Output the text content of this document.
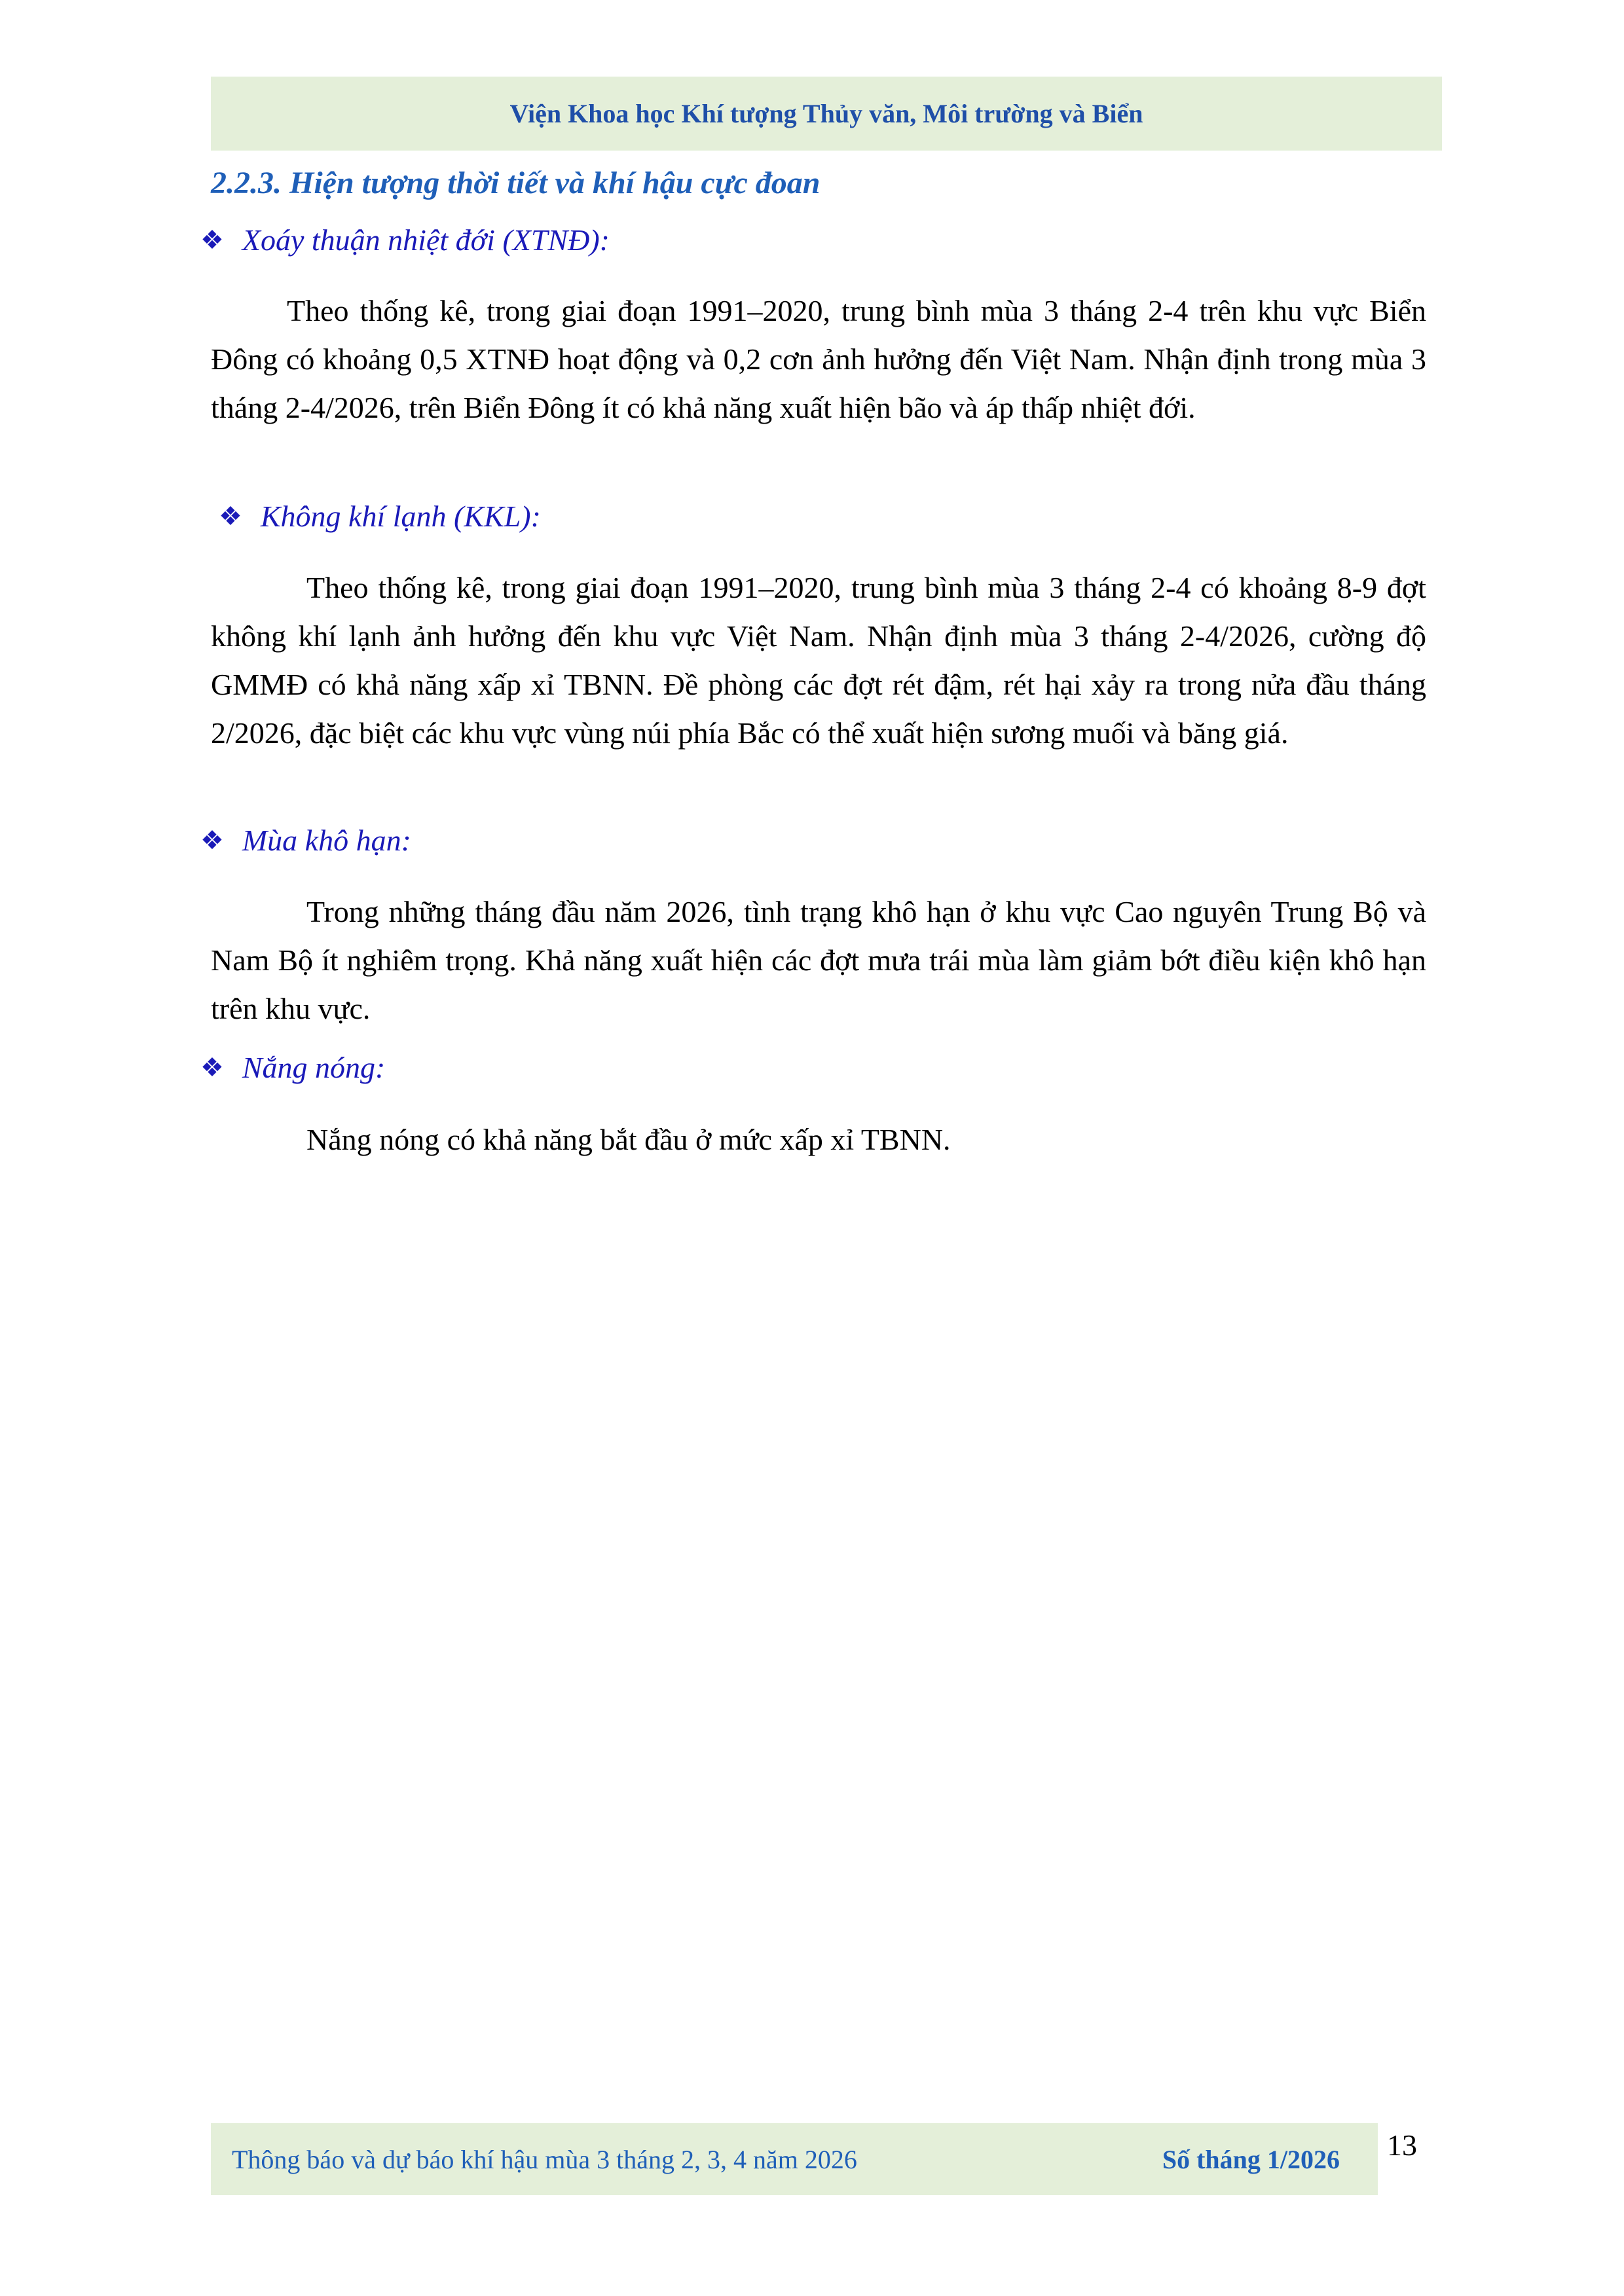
Viện Khoa học Khí tượng Thủy văn, Môi trường và Biển
2.2.3. Hiện tượng thời tiết và khí hậu cực đoan
❖ Xoáy thuận nhiệt đới (XTNĐ):

Theo thống kê, trong giai đoạn 1991–2020, trung bình mùa 3 tháng 2-4 trên khu vực Biển Đông có khoảng 0,5 XTNĐ hoạt động và 0,2 cơn ảnh hưởng đến Việt Nam. Nhận định trong mùa 3 tháng 2-4/2026, trên Biển Đông ít có khả năng xuất hiện bão và áp thấp nhiệt đới.

❖ Không khí lạnh (KKL):

Theo thống kê, trong giai đoạn 1991–2020, trung bình mùa 3 tháng 2-4 có khoảng 8-9 đợt không khí lạnh ảnh hưởng đến khu vực Việt Nam. Nhận định mùa 3 tháng 2-4/2026, cường độ GMMĐ có khả năng xấp xỉ TBNN. Đề phòng các đợt rét đậm, rét hại xảy ra trong nửa đầu tháng 2/2026, đặc biệt các khu vực vùng núi phía Bắc có thể xuất hiện sương muối và băng giá.

❖ Mùa khô hạn:

Trong những tháng đầu năm 2026, tình trạng khô hạn ở khu vực Cao nguyên Trung Bộ và Nam Bộ ít nghiêm trọng. Khả năng xuất hiện các đợt mưa trái mùa làm giảm bớt điều kiện khô hạn trên khu vực.

❖ Nắng nóng:

Nắng nóng có khả năng bắt đầu ở mức xấp xỉ TBNN.

Thông báo và dự báo khí hậu mùa 3 tháng 2, 3, 4 năm 2026	Số tháng 1/2026 13
